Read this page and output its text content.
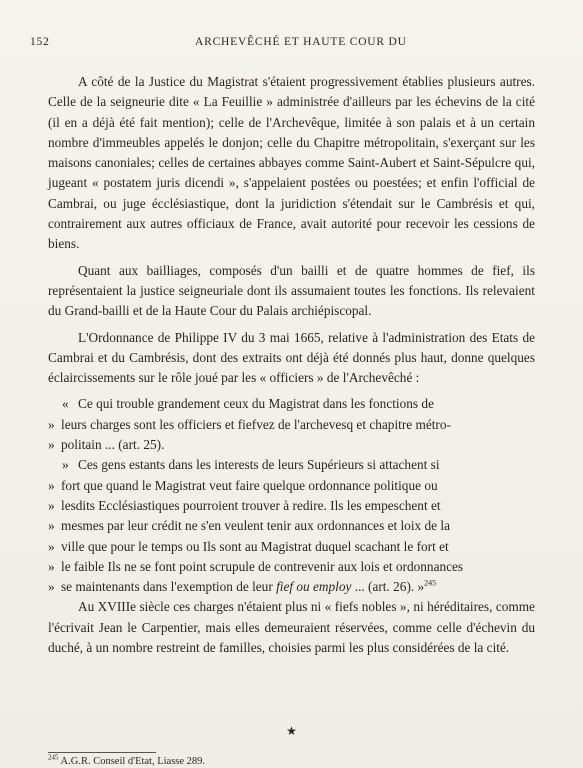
152	ARCHEVÊCHÉ ET HAUTE COUR DU

A côté de la Justice du Magistrat s'étaient progressivement établies plusieurs autres. Celle de la seigneurie dite « La Feuillie » administrée d'ailleurs par les échevins de la cité (il en a déjà été fait mention); celle de l'Archevêque, limitée à son palais et à un certain nombre d'immeubles appelés le donjon; celle du Chapitre métropolitain, s'exerçant sur les maisons canoniales; celles de certaines abbayes comme Saint-Aubert et Saint-Sépulcre qui, jugeant « postatem juris dicendi », s'appelaient postées ou poestées; et enfin l'official de Cambrai, ou juge écclésiastique, dont la juridiction s'étendait sur le Cambrésis et qui, contrairement aux autres officiaux de France, avait autorité pour recevoir les cessions de biens.

Quant aux bailliages, composés d'un bailli et de quatre hommes de fief, ils représentaient la justice seigneuriale dont ils assumaient toutes les fonctions. Ils relevaient du Grand-bailli et de la Haute Cour du Palais archiépiscopal.

L'Ordonnance de Philippe IV du 3 mai 1665, relative à l'administration des Etats de Cambrai et du Cambrésis, dont des extraits ont déjà été donnés plus haut, donne quelques éclaircissements sur le rôle joué par les « officiers » de l'Archevêché :

« Ce qui trouble grandement ceux du Magistrat dans les fonctions de
» leurs charges sont les officiers et fiefvez de l'archevesq et chapitre métro-
» politain ... (art. 25).
» Ces gens estants dans les interests de leurs Supérieurs si attachent si
» fort que quand le Magistrat veut faire quelque ordonnance politique ou
» lesdits Ecclésiastiques pourroient trouver à redire. Ils les empeschent et
» mesmes par leur crédit ne s'en veulent tenir aux ordonnances et loix de la
» ville que pour le temps ou Ils sont au Magistrat duquel scachant le fort et
» le faible Ils ne se font point scrupule de contrevenir aux lois et ordonnances
» se maintenants dans l'exemption de leur fief ou employ ... (art. 26). »$^{245}$

Au XVIIIe siècle ces charges n'étaient plus ni « fiefs nobles », ni héréditaires, comme l'écrivait Jean le Carpentier, mais elles demeuraient réservées, comme celle d'échevin du duché, à un nombre restreint de familles, choisies parmi les plus considérées de la cité.

★
$^{245}$ A.G.R. Conseil d'Etat, Liasse 289.
